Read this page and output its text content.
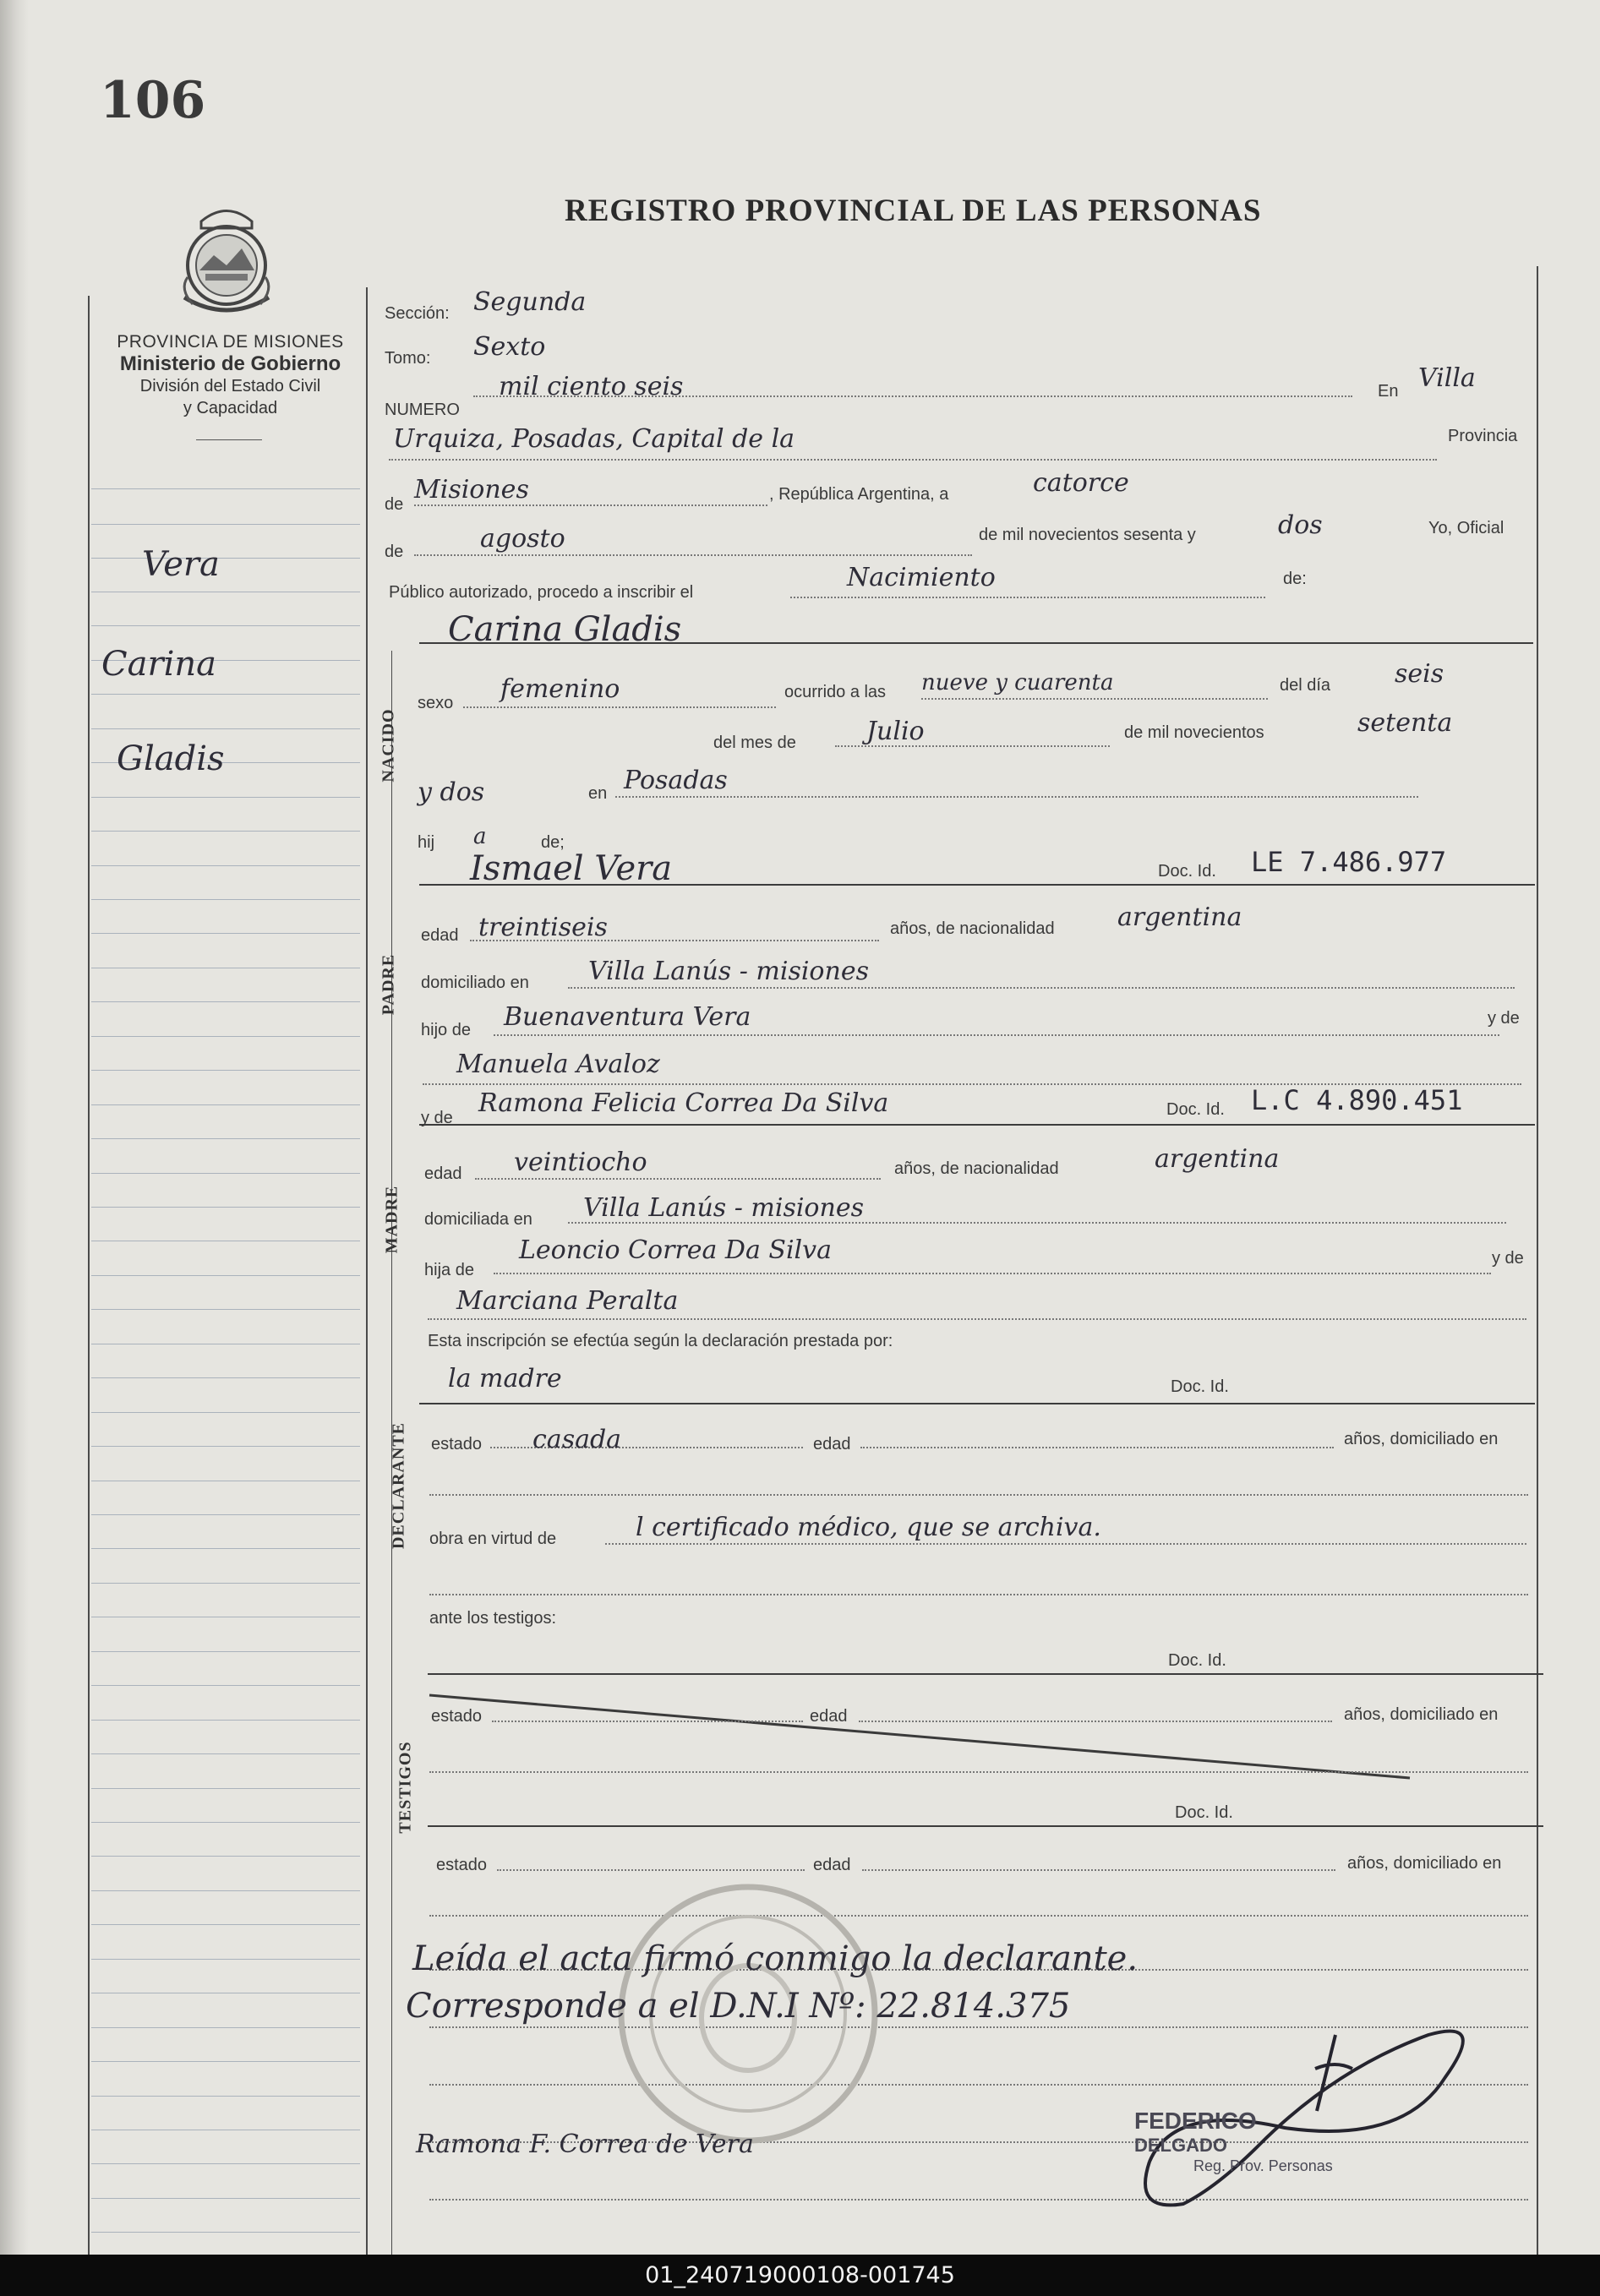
106
PROVINCIA DE MISIONES
Ministerio de Gobierno
División del Estado Civil
y Capacidad
REGISTRO PROVINCIAL DE LAS PERSONAS
Vera
Carina
Gladis	NACIDO
PADRE
MADRE
DECLARANTE
TESTIGOS
Sección: Segunda
Tomo: Sexto
NUMERO
mil ciento seis	En Villa
Urquiza, Posadas, Capital de la	Provincia
de Misiones	, República Argentina, a	catorce
de	agosto	de mil novecientos sesenta y	dos	Yo, Oficial
Público autorizado, procedo a inscribir el	Nacimiento	de:
Carina Gladis
sexo femenino	ocurrido a las nueve y cuarenta	del día	seis
del mes de	Julio	de mil novecientos	setenta
y dos	en Posadas
hij a	de;
Ismael Vera	Doc. Id. LE 7.486.977
edad treintiseis	años, de nacionalidad argentina
domiciliado en Villa Lanús - misiones
hijo de Buenaventura Vera	y de
Manuela Avaloz
y de Ramona Felicia Correa Da Silva	Doc. Id. L.C 4.890.451
edad veintiocho	años, de nacionalidad	argentina
domiciliada en Villa Lanús - misiones
hija de
Leoncio Correa Da Silva	y de
Marciana Peralta
Esta inscripción se efectúa según la declaración prestada por:
la madre	Doc. Id.
estado casada	edad	años, domiciliado en
obra en virtud de	l certificado médico, que se archiva.
ante los testigos:
Doc. Id.
estado	edad	años, domiciliado en
Doc. Id.
estado	edad	años, domiciliado en
Leída el acta firmó conmigo la declarante.
Corresponde a el D.N.I Nº: 22.814.375
Ramona F. Correa de Vera
FEDERICO
DELGADO
Reg. Prov. Personas
01_240719000108-001745
